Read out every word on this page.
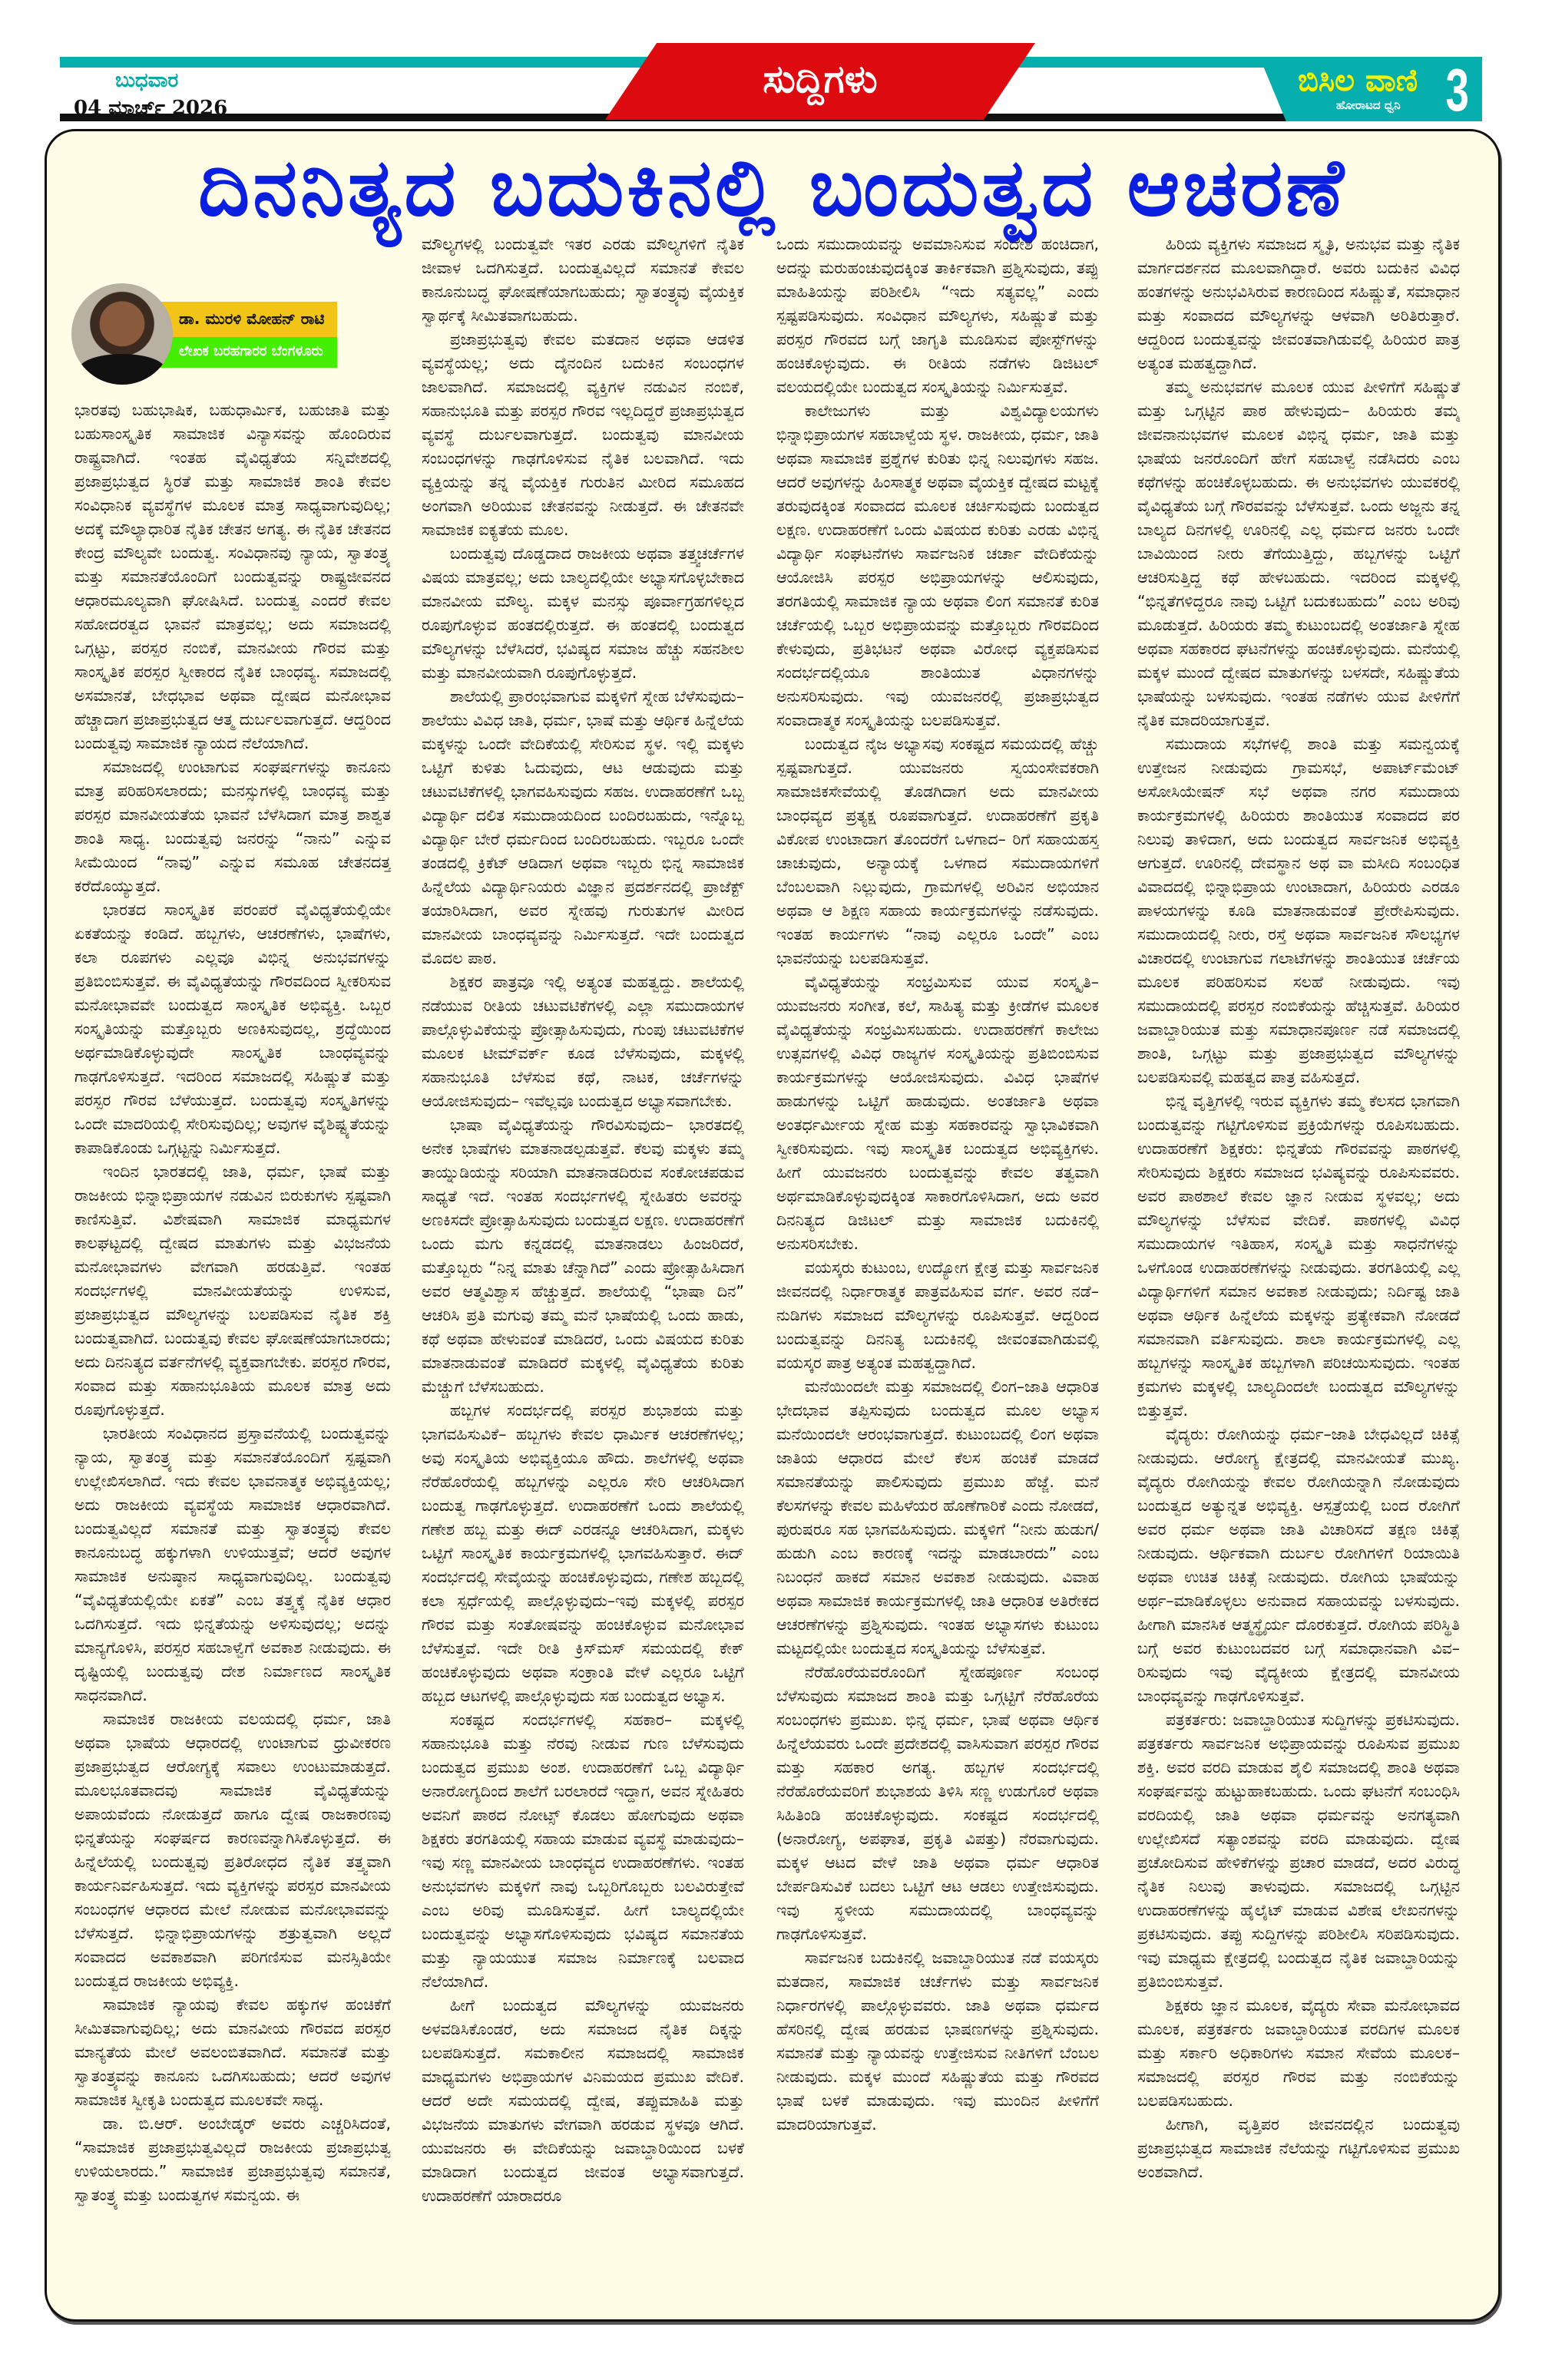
ಬುಧವಾರ
04 ಮಾರ್ಚ್ 2026
ಸುದ್ದಿಗಳು	ಬಿಸಿಲ ವಾಣಿ
ಹೋರಾಟದ ಧ್ವನಿ 3
ದಿನನಿತ್ಯದ ಬದುಕಿನಲ್ಲಿ ಬಂದುತ್ವದ ಆಚರಣೆ
ಡಾ. ಮುರಳಿ ಮೋಹನ್ ರಾಟಿ
ಲೇಖಕ ಬರಹಗಾರರ ಬೆಂಗಳೂರು

ಭಾರತವು ಬಹುಭಾಷಿಕ, ಬಹುಧಾರ್ಮಿಕ, ಬಹುಜಾತಿ ಮತ್ತು ಬಹುಸಾಂಸ್ಕೃತಿಕ ಸಾಮಾಜಿಕ ವಿನ್ಯಾಸವನ್ನು ಹೊಂದಿರುವ ರಾಷ್ಟ್ರವಾಗಿದೆ. ಇಂತಹ ವೈವಿಧ್ಯತೆಯ ಸನ್ನಿವೇಶದಲ್ಲಿ ಪ್ರಜಾಪ್ರಭುತ್ವದ ಸ್ಥಿರತೆ ಮತ್ತು ಸಾಮಾಜಿಕ ಶಾಂತಿ ಕೇವಲ ಸಂವಿಧಾನಿಕ ವ್ಯವಸ್ಥೆಗಳ ಮೂಲಕ ಮಾತ್ರ ಸಾಧ್ಯವಾಗುವುದಿಲ್ಲ; ಅದಕ್ಕೆ ಮೌಲ್ಯಾಧಾರಿತ ನೈತಿಕ ಚೇತನ ಅಗತ್ಯ. ಈ ನೈತಿಕ ಚೇತನದ ಕೇಂದ್ರ ಮೌಲ್ಯವೇ ಬಂದುತ್ವ. ಸಂವಿಧಾನವು ನ್ಯಾಯ, ಸ್ವಾತಂತ್ರ್ಯ ಮತ್ತು ಸಮಾನತೆಯೊಂದಿಗೆ ಬಂದುತ್ವವನ್ನು ರಾಷ್ಟ್ರಜೀವನದ ಆಧಾರಮೂಲ್ಯವಾಗಿ ಘೋಷಿಸಿದೆ. ಬಂದುತ್ವ ಎಂದರೆ ಕೇವಲ ಸಹೋದರತ್ವದ ಭಾವನೆ ಮಾತ್ರವಲ್ಲ; ಅದು ಸಮಾಜದಲ್ಲಿ ಒಗ್ಗಟ್ಟು, ಪರಸ್ಪರ ನಂಬಿಕೆ, ಮಾನವೀಯ ಗೌರವ ಮತ್ತು ಸಾಂಸ್ಕೃತಿಕ ಪರಸ್ಪರ ಸ್ವೀಕಾರದ ನೈತಿಕ ಬಾಂಧವ್ಯ. ಸಮಾಜದಲ್ಲಿ ಅಸಮಾನತೆ, ಬೇಧಭಾವ ಅಥವಾ ದ್ವೇಷದ ಮನೋಭಾವ ಹೆಚ್ಚಾದಾಗ ಪ್ರಜಾಪ್ರಭುತ್ವದ ಆತ್ಮ ದುರ್ಬಲವಾಗುತ್ತದೆ. ಆದ್ದರಿಂದ ಬಂದುತ್ವವು ಸಾಮಾಜಿಕ ನ್ಯಾಯದ ನೆಲೆಯಾಗಿದೆ.

ಸಮಾಜದಲ್ಲಿ ಉಂಟಾಗುವ ಸಂಘರ್ಷಗಳನ್ನು ಕಾನೂನು ಮಾತ್ರ ಪರಿಹರಿಸಲಾರದು; ಮನಸ್ಸುಗಳಲ್ಲಿ ಬಾಂಧವ್ಯ ಮತ್ತು ಪರಸ್ಪರ ಮಾನವೀಯತೆಯ ಭಾವನೆ ಬೆಳೆಸಿದಾಗ ಮಾತ್ರ ಶಾಶ್ವತ ಶಾಂತಿ ಸಾಧ್ಯ. ಬಂದುತ್ವವು ಜನರನ್ನು “ನಾನು” ಎನ್ನುವ ಸೀಮೆಯಿಂದ “ನಾವು” ಎನ್ನುವ ಸಮೂಹ ಚೇತನದತ್ತ ಕರೆದೊಯ್ಯುತ್ತದೆ.

ಭಾರತದ ಸಾಂಸ್ಕೃತಿಕ ಪರಂಪರೆ ವೈವಿಧ್ಯತೆಯಲ್ಲಿಯೇ ಏಕತೆಯನ್ನು ಕಂಡಿದೆ. ಹಬ್ಬಗಳು, ಆಚರಣೆಗಳು, ಭಾಷೆಗಳು, ಕಲಾ ರೂಪಗಳು ಎಲ್ಲವೂ ವಿಭಿನ್ನ ಅನುಭವಗಳನ್ನು ಪ್ರತಿಬಿಂಬಿಸುತ್ತವೆ. ಈ ವೈವಿಧ್ಯತೆಯನ್ನು ಗೌರವದಿಂದ ಸ್ವೀಕರಿಸುವ ಮನೋಭಾವವೇ ಬಂದುತ್ವದ ಸಾಂಸ್ಕೃತಿಕ ಅಭಿವ್ಯಕ್ತಿ. ಒಬ್ಬರ ಸಂಸ್ಕೃತಿಯನ್ನು ಮತ್ತೊಬ್ಬರು ಅಣಕಿಸುವುದಲ್ಲ, ಶ್ರದ್ಧೆಯಿಂದ ಅರ್ಥಮಾಡಿಕೊಳ್ಳುವುದೇ ಸಾಂಸ್ಕೃತಿಕ ಬಾಂಧವ್ಯವನ್ನು ಗಾಢಗೊಳಿಸುತ್ತದೆ. ಇದರಿಂದ ಸಮಾಜದಲ್ಲಿ ಸಹಿಷ್ಣುತೆ ಮತ್ತು ಪರಸ್ಪರ ಗೌರವ ಬೆಳೆಯುತ್ತದೆ. ಬಂದುತ್ವವು ಸಂಸ್ಕೃತಿಗಳನ್ನು ಒಂದೇ ಮಾದರಿಯಲ್ಲಿ ಸೇರಿಸುವುದಿಲ್ಲ; ಅವುಗಳ ವೈಶಿಷ್ಟ್ಯತೆಯನ್ನು ಕಾಪಾಡಿಕೊಂಡು ಒಗ್ಗಟ್ಟನ್ನು ನಿರ್ಮಿಸುತ್ತದೆ.

ಇಂದಿನ ಭಾರತದಲ್ಲಿ ಜಾತಿ, ಧರ್ಮ, ಭಾಷೆ ಮತ್ತು ರಾಜಕೀಯ ಭಿನ್ನಾಭಿಪ್ರಾಯಗಳ ನಡುವಿನ ಬಿರುಕುಗಳು ಸ್ಪಷ್ಟವಾಗಿ ಕಾಣಿಸುತ್ತಿವೆ. ವಿಶೇಷವಾಗಿ ಸಾಮಾಜಿಕ ಮಾಧ್ಯಮಗಳ ಕಾಲಘಟ್ಟದಲ್ಲಿ ದ್ವೇಷದ ಮಾತುಗಳು ಮತ್ತು ವಿಭಜನೆಯ ಮನೋಭಾವಗಳು ವೇಗವಾಗಿ ಹರಡುತ್ತಿವೆ. ಇಂತಹ ಸಂದರ್ಭಗಳಲ್ಲಿ ಮಾನವೀಯತೆಯನ್ನು ಉಳಿಸುವ, ಪ್ರಜಾಪ್ರಭುತ್ವದ ಮೌಲ್ಯಗಳನ್ನು ಬಲಪಡಿಸುವ ನೈತಿಕ ಶಕ್ತಿ ಬಂದುತ್ವವಾಗಿದೆ. ಬಂದುತ್ವವು ಕೇವಲ ಘೋಷಣೆಯಾಗಬಾರದು; ಅದು ದಿನನಿತ್ಯದ ವರ್ತನೆಗಳಲ್ಲಿ ವ್ಯಕ್ತವಾಗಬೇಕು. ಪರಸ್ಪರ ಗೌರವ, ಸಂವಾದ ಮತ್ತು ಸಹಾನುಭೂತಿಯ ಮೂಲಕ ಮಾತ್ರ ಅದು ರೂಪುಗೊಳ್ಳುತ್ತದೆ.

ಭಾರತೀಯ ಸಂವಿಧಾನದ ಪ್ರಸ್ತಾವನೆಯಲ್ಲಿ ಬಂದುತ್ವವನ್ನು ನ್ಯಾಯ, ಸ್ವಾತಂತ್ರ್ಯ ಮತ್ತು ಸಮಾನತೆಯೊಂದಿಗೆ ಸ್ಪಷ್ಟವಾಗಿ ಉಲ್ಲೇಖಿಸಲಾಗಿದೆ. ಇದು ಕೇವಲ ಭಾವನಾತ್ಮಕ ಅಭಿವ್ಯಕ್ತಿಯಲ್ಲ; ಅದು ರಾಜಕೀಯ ವ್ಯವಸ್ಥೆಯ ಸಾಮಾಜಿಕ ಆಧಾರವಾಗಿದೆ. ಬಂದುತ್ವವಿಲ್ಲದೆ ಸಮಾನತೆ ಮತ್ತು ಸ್ವಾತಂತ್ರ್ಯವು ಕೇವಲ ಕಾನೂನುಬದ್ಧ ಹಕ್ಕುಗಳಾಗಿ ಉಳಿಯುತ್ತವೆ; ಆದರೆ ಅವುಗಳ ಸಾಮಾಜಿಕ ಅನುಷ್ಠಾನ ಸಾಧ್ಯವಾಗುವುದಿಲ್ಲ. ಬಂದುತ್ವವು “ವೈವಿಧ್ಯತೆಯಲ್ಲಿಯೇ ಏಕತೆ” ಎಂಬ ತತ್ತ್ವಕ್ಕೆ ನೈತಿಕ ಆಧಾರ ಒದಗಿಸುತ್ತದೆ. ಇದು ಭಿನ್ನತೆಯನ್ನು ಅಳಿಸುವುದಲ್ಲ; ಅದನ್ನು ಮಾನ್ಯಗೊಳಿಸಿ, ಪರಸ್ಪರ ಸಹಬಾಳ್ವೆಗೆ ಅವಕಾಶ ನೀಡುವುದು. ಈ ದೃಷ್ಟಿಯಲ್ಲಿ ಬಂದುತ್ವವು ದೇಶ ನಿರ್ಮಾಣದ ಸಾಂಸ್ಕೃತಿಕ ಸಾಧನವಾಗಿದೆ.

ಸಾಮಾಜಿಕ ರಾಜಕೀಯ ವಲಯದಲ್ಲಿ ಧರ್ಮ, ಜಾತಿ ಅಥವಾ ಭಾಷೆಯ ಆಧಾರದಲ್ಲಿ ಉಂಟಾಗುವ ಧ್ರುವೀಕರಣ ಪ್ರಜಾಪ್ರಭುತ್ವದ ಆರೋಗ್ಯಕ್ಕೆ ಸವಾಲು ಉಂಟುಮಾಡುತ್ತದೆ. ಮೂಲಭೂತವಾದವು ಸಾಮಾಜಿಕ ವೈವಿಧ್ಯತೆಯನ್ನು ಅಪಾಯವೆಂದು ನೋಡುತ್ತದೆ ಹಾಗೂ ದ್ವೇಷ ರಾಜಕಾರಣವು ಭಿನ್ನತೆಯನ್ನು ಸಂಘರ್ಷದ ಕಾರಣವನ್ನಾಗಿಸಿಕೊಳ್ಳುತ್ತದೆ. ಈ ಹಿನ್ನೆಲೆಯಲ್ಲಿ ಬಂದುತ್ವವು ಪ್ರತಿರೋಧದ ನೈತಿಕ ತತ್ತ್ವವಾಗಿ ಕಾರ್ಯನಿರ್ವಹಿಸುತ್ತದೆ. ಇದು ವ್ಯಕ್ತಿಗಳನ್ನು ಪರಸ್ಪರ ಮಾನವೀಯ ಸಂಬಂಧಗಳ ಆಧಾರದ ಮೇಲೆ ನೋಡುವ ಮನೋಭಾವವನ್ನು ಬೆಳೆಸುತ್ತದೆ. ಭಿನ್ನಾಭಿಪ್ರಾಯಗಳನ್ನು ಶತ್ರುತ್ವವಾಗಿ ಅಲ್ಲದೆ ಸಂವಾದದ ಅವಕಾಶವಾಗಿ ಪರಿಗಣಿಸುವ ಮನಸ್ಸಿತಿಯೇ ಬಂದುತ್ವದ ರಾಜಕೀಯ ಅಭಿವ್ಯಕ್ತಿ.

ಸಾಮಾಜಿಕ ನ್ಯಾಯವು ಕೇವಲ ಹಕ್ಕುಗಳ ಹಂಚಿಕೆಗೆ ಸೀಮಿತವಾಗುವುದಿಲ್ಲ; ಅದು ಮಾನವೀಯ ಗೌರವದ ಪರಸ್ಪರ ಮಾನ್ಯತೆಯ ಮೇಲೆ ಅವಲಂಬಿತವಾಗಿದೆ. ಸಮಾನತೆ ಮತ್ತು ಸ್ವಾತಂತ್ರ್ಯವನ್ನು ಕಾನೂನು ಒದಗಿಸಬಹುದು; ಆದರೆ ಅವುಗಳ ಸಾಮಾಜಿಕ ಸ್ವೀಕೃತಿ ಬಂದುತ್ವದ ಮೂಲಕವೇ ಸಾಧ್ಯ.

ಡಾ. ಬಿ.ಆರ್. ಅಂಬೇಡ್ಕರ್ ಅವರು ಎಚ್ಚರಿಸಿದಂತೆ, “ಸಾಮಾಜಿಕ ಪ್ರಜಾಪ್ರಭುತ್ವವಿಲ್ಲದೆ ರಾಜಕೀಯ ಪ್ರಜಾಪ್ರಭುತ್ವ ಉಳಿಯಲಾರದು.” ಸಾಮಾಜಿಕ ಪ್ರಜಾಪ್ರಭುತ್ವವು ಸಮಾನತೆ, ಸ್ವಾತಂತ್ರ್ಯ ಮತ್ತು ಬಂದುತ್ವಗಳ ಸಮನ್ವಯ. ಈ

ಮೌಲ್ಯಗಳಲ್ಲಿ ಬಂದುತ್ವವೇ ಇತರ ಎರಡು ಮೌಲ್ಯಗಳಿಗೆ ನೈತಿಕ ಜೀವಾಳ ಒದಗಿಸುತ್ತದೆ. ಬಂದುತ್ವವಿಲ್ಲದೆ ಸಮಾನತೆ ಕೇವಲ ಕಾನೂನುಬದ್ಧ ಘೋಷಣೆಯಾಗಬಹುದು; ಸ್ವಾತಂತ್ರ್ಯವು ವೈಯಕ್ತಿಕ ಸ್ವಾರ್ಥಕ್ಕೆ ಸೀಮಿತವಾಗಬಹುದು.

ಪ್ರಜಾಪ್ರಭುತ್ವವು ಕೇವಲ ಮತದಾನ ಅಥವಾ ಆಡಳಿತ ವ್ಯವಸ್ಥೆಯಲ್ಲ; ಅದು ದೈನಂದಿನ ಬದುಕಿನ ಸಂಬಂಧಗಳ ಜಾಲವಾಗಿದೆ. ಸಮಾಜದಲ್ಲಿ ವ್ಯಕ್ತಿಗಳ ನಡುವಿನ ನಂಬಿಕೆ, ಸಹಾನುಭೂತಿ ಮತ್ತು ಪರಸ್ಪರ ಗೌರವ ಇಲ್ಲದಿದ್ದರೆ ಪ್ರಜಾಪ್ರಭುತ್ವದ ವ್ಯವಸ್ಥೆ ದುರ್ಬಲವಾಗುತ್ತದೆ. ಬಂದುತ್ವವು ಮಾನವೀಯ ಸಂಬಂಧಗಳನ್ನು ಗಾಢಗೊಳಿಸುವ ನೈತಿಕ ಬಲವಾಗಿದೆ. ಇದು ವ್ಯಕ್ತಿಯನ್ನು ತನ್ನ ವೈಯಕ್ತಿಕ ಗುರುತಿನ ಮೀರಿದ ಸಮೂಹದ ಅಂಗವಾಗಿ ಅರಿಯುವ ಚೇತನವನ್ನು ನೀಡುತ್ತದೆ. ಈ ಚೇತನವೇ ಸಾಮಾಜಿಕ ಐಕ್ಯತೆಯ ಮೂಲ.

ಬಂದುತ್ವವು ದೊಡ್ಡದಾದ ರಾಜಕೀಯ ಅಥವಾ ತತ್ತ್ವಚರ್ಚೆಗಳ ವಿಷಯ ಮಾತ್ರವಲ್ಲ; ಅದು ಬಾಲ್ಯದಲ್ಲಿಯೇ ಅಭ್ಯಾಸಗೊಳ್ಳಬೇಕಾದ ಮಾನವೀಯ ಮೌಲ್ಯ. ಮಕ್ಕಳ ಮನಸ್ಸು ಪೂರ್ವಾಗ್ರಹಗಳಿಲ್ಲದ ರೂಪುಗೊಳ್ಳುವ ಹಂತದಲ್ಲಿರುತ್ತದೆ. ಈ ಹಂತದಲ್ಲಿ ಬಂದುತ್ವದ ಮೌಲ್ಯಗಳನ್ನು ಬೆಳೆಸಿದರೆ, ಭವಿಷ್ಯದ ಸಮಾಜ ಹೆಚ್ಚು ಸಹನಶೀಲ ಮತ್ತು ಮಾನವೀಯವಾಗಿ ರೂಪುಗೊಳ್ಳುತ್ತದೆ.

ಶಾಲೆಯಲ್ಲಿ ಪ್ರಾರಂಭವಾಗುವ ಮಕ್ಕಳಿಗೆ ಸ್ನೇಹ ಬೆಳೆಸುವುದು– ಶಾಲೆಯು ವಿವಿಧ ಜಾತಿ, ಧರ್ಮ, ಭಾಷೆ ಮತ್ತು ಆರ್ಥಿಕ ಹಿನ್ನೆಲೆಯ ಮಕ್ಕಳನ್ನು ಒಂದೇ ವೇದಿಕೆಯಲ್ಲಿ ಸೇರಿಸುವ ಸ್ಥಳ. ಇಲ್ಲಿ ಮಕ್ಕಳು ಒಟ್ಟಿಗೆ ಕುಳಿತು ಓದುವುದು, ಆಟ ಆಡುವುದು ಮತ್ತು ಚಟುವಟಿಕೆಗಳಲ್ಲಿ ಭಾಗವಹಿಸುವುದು ಸಹಜ. ಉದಾಹರಣೆಗೆ ಒಬ್ಬ ವಿದ್ಯಾರ್ಥಿ ದಲಿತ ಸಮುದಾಯದಿಂದ ಬಂದಿರಬಹುದು, ಇನ್ನೊಬ್ಬ ವಿದ್ಯಾರ್ಥಿ ಬೇರೆ ಧರ್ಮದಿಂದ ಬಂದಿರಬಹುದು. ಇಬ್ಬರೂ ಒಂದೇ ತಂಡದಲ್ಲಿ ಕ್ರಿಕೆಟ್ ಆಡಿದಾಗ ಅಥವಾ ಇಬ್ಬರು ಭಿನ್ನ ಸಾಮಾಜಿಕ ಹಿನ್ನೆಲೆಯ ವಿದ್ಯಾರ್ಥಿನಿಯರು ವಿಜ್ಞಾನ ಪ್ರದರ್ಶನದಲ್ಲಿ ಪ್ರಾಜೆಕ್ಟ್ ತಯಾರಿಸಿದಾಗ, ಅವರ ಸ್ನೇಹವು ಗುರುತುಗಳ ಮೀರಿದ ಮಾನವೀಯ ಬಾಂಧವ್ಯವನ್ನು ನಿರ್ಮಿಸುತ್ತದೆ. ಇದೇ ಬಂದುತ್ವದ ಮೊದಲ ಪಾಠ.

ಶಿಕ್ಷಕರ ಪಾತ್ರವೂ ಇಲ್ಲಿ ಅತ್ಯಂತ ಮಹತ್ವದ್ದು. ಶಾಲೆಯಲ್ಲಿ ನಡೆಯುವ ರೀತಿಯ ಚಟುವಟಿಕೆಗಳಲ್ಲಿ ಎಲ್ಲಾ ಸಮುದಾಯಗಳ ಪಾಲ್ಗೊಳ್ಳುವಿಕೆಯನ್ನು ಪ್ರೋತ್ಸಾಹಿಸುವುದು, ಗುಂಪು ಚಟುವಟಿಕೆಗಳ ಮೂಲಕ ಟೀಮ್‌ವರ್ಕ್ ಕೂಡ ಬೆಳೆಸುವುದು, ಮಕ್ಕಳಲ್ಲಿ ಸಹಾನುಭೂತಿ ಬೆಳೆಸುವ ಕಥೆ, ನಾಟಕ, ಚರ್ಚೆಗಳನ್ನು ಆಯೋಜಿಸುವುದು– ಇವೆಲ್ಲವೂ ಬಂದುತ್ವದ ಅಭ್ಯಾಸವಾಗಬೇಕು.

ಭಾಷಾ ವೈವಿಧ್ಯತೆಯನ್ನು ಗೌರವಿಸುವುದು– ಭಾರತದಲ್ಲಿ ಅನೇಕ ಭಾಷೆಗಳು ಮಾತನಾಡಲ್ಪಡುತ್ತವೆ. ಕೆಲವು ಮಕ್ಕಳು ತಮ್ಮ ತಾಯ್ನುಡಿಯನ್ನು ಸರಿಯಾಗಿ ಮಾತನಾಡದಿರುವ ಸಂಕೋಚಪಡುವ ಸಾಧ್ಯತೆ ಇದೆ. ಇಂತಹ ಸಂದರ್ಭಗಳಲ್ಲಿ ಸ್ನೇಹಿತರು ಅವರನ್ನು ಅಣಕಿಸದೇ ಪ್ರೋತ್ಸಾಹಿಸುವುದು ಬಂದುತ್ವದ ಲಕ್ಷಣ. ಉದಾಹರಣೆಗೆ ಒಂದು ಮಗು ಕನ್ನಡದಲ್ಲಿ ಮಾತನಾಡಲು ಹಿಂಜರಿದರೆ, ಮತ್ತೊಬ್ಬರು “ನಿನ್ನ ಮಾತು ಚೆನ್ನಾಗಿದೆ” ಎಂದು ಪ್ರೋತ್ಸಾಹಿಸಿದಾಗ ಅವರ ಆತ್ಮವಿಶ್ವಾಸ ಹೆಚ್ಚುತ್ತದೆ. ಶಾಲೆಯಲ್ಲಿ “ಭಾಷಾ ದಿನ” ಆಚರಿಸಿ ಪ್ರತಿ ಮಗುವು ತಮ್ಮ ಮನೆ ಭಾಷೆಯಲ್ಲಿ ಒಂದು ಹಾಡು, ಕಥೆ ಅಥವಾ ಹೇಳುವಂತೆ ಮಾಡಿದರೆ, ಒಂದು ವಿಷಯದ ಕುರಿತು ಮಾತನಾಡುವಂತೆ ಮಾಡಿದರೆ ಮಕ್ಕಳಲ್ಲಿ ವೈವಿಧ್ಯತೆಯ ಕುರಿತು ಮೆಚ್ಚುಗೆ ಬೆಳೆಸಬಹುದು.

ಹಬ್ಬಗಳ ಸಂದರ್ಭದಲ್ಲಿ ಪರಸ್ಪರ ಶುಭಾಶಯ ಮತ್ತು ಭಾಗವಹಿಸುವಿಕೆ– ಹಬ್ಬಗಳು ಕೇವಲ ಧಾರ್ಮಿಕ ಆಚರಣೆಗಳಲ್ಲ; ಅವು ಸಂಸ್ಕೃತಿಯ ಅಭಿವ್ಯಕ್ತಿಯೂ ಹೌದು. ಶಾಲೆಗಳಲ್ಲಿ ಅಥವಾ ನೆರೆಹೊರೆಯಲ್ಲಿ ಹಬ್ಬಗಳನ್ನು ಎಲ್ಲರೂ ಸೇರಿ ಆಚರಿಸಿದಾಗ ಬಂದುತ್ವ ಗಾಢಗೊಳ್ಳುತ್ತದೆ. ಉದಾಹರಣೆಗೆ ಒಂದು ಶಾಲೆಯಲ್ಲಿ ಗಣೇಶ ಹಬ್ಬ ಮತ್ತು ಈದ್ ಎರಡನ್ನೂ ಆಚರಿಸಿದಾಗ, ಮಕ್ಕಳು ಒಟ್ಟಿಗೆ ಸಾಂಸ್ಕೃತಿಕ ಕಾರ್ಯಕ್ರಮಗಳಲ್ಲಿ ಭಾಗವಹಿಸುತ್ತಾರೆ. ಈದ್ ಸಂದರ್ಭದಲ್ಲಿ ಸೇವೈಯನ್ನು ಹಂಚಿಕೊಳ್ಳುವುದು, ಗಣೇಶ ಹಬ್ಬದಲ್ಲಿ ಕಲಾ ಸ್ಪರ್ಧೆಯಲ್ಲಿ ಪಾಲ್ಗೊಳ್ಳುವುದು–ಇವು ಮಕ್ಕಳಲ್ಲಿ ಪರಸ್ಪರ ಗೌರವ ಮತ್ತು ಸಂತೋಷವನ್ನು ಹಂಚಿಕೊಳ್ಳುವ ಮನೋಭಾವ ಬೆಳೆಸುತ್ತವೆ. ಇದೇ ರೀತಿ ಕ್ರಿಸ್‌ಮಸ್ ಸಮಯದಲ್ಲಿ ಕೇಕ್ ಹಂಚಿಕೊಳ್ಳುವುದು ಅಥವಾ ಸಂಕ್ರಾಂತಿ ವೇಳೆ ಎಲ್ಲರೂ ಒಟ್ಟಿಗೆ ಹಬ್ಬದ ಆಟಗಳಲ್ಲಿ ಪಾಲ್ಗೊಳ್ಳುವುದು ಸಹ ಬಂದುತ್ವದ ಅಭ್ಯಾಸ.

ಸಂಕಷ್ಟದ ಸಂದರ್ಭಗಳಲ್ಲಿ ಸಹಕಾರ– ಮಕ್ಕಳಲ್ಲಿ ಸಹಾನುಭೂತಿ ಮತ್ತು ನೆರವು ನೀಡುವ ಗುಣ ಬೆಳೆಸುವುದು ಬಂದುತ್ವದ ಪ್ರಮುಖ ಅಂಶ. ಉದಾಹರಣೆಗೆ ಒಬ್ಬ ವಿದ್ಯಾರ್ಥಿ ಅನಾರೋಗ್ಯದಿಂದ ಶಾಲೆಗೆ ಬರಲಾರದೆ ಇದ್ದಾಗ, ಅವನ ಸ್ನೇಹಿತರು ಅವನಿಗೆ ಪಾಠದ ನೋಟ್ಸ್ ಕೊಡಲು ಹೋಗುವುದು ಅಥವಾ ಶಿಕ್ಷಕರು ತರಗತಿಯಲ್ಲಿ ಸಹಾಯ ಮಾಡುವ ವ್ಯವಸ್ಥೆ ಮಾಡುವುದು–ಇವು ಸಣ್ಣ ಮಾನವೀಯ ಬಾಂಧವ್ಯದ ಉದಾಹರಣೆಗಳು. ಇಂತಹ ಅನುಭವಗಳು ಮಕ್ಕಳಿಗೆ ನಾವು ಒಬ್ಬರಿಗೊಬ್ಬರು ಬಲವಿರುತ್ತೇವೆ ಎಂಬ ಅರಿವು ಮೂಡಿಸುತ್ತವೆ. ಹೀಗೆ ಬಾಲ್ಯದಲ್ಲಿಯೇ ಬಂದುತ್ವವನ್ನು ಅಭ್ಯಾಸಗೊಳಿಸುವುದು ಭವಿಷ್ಯದ ಸಮಾನತೆಯ ಮತ್ತು ನ್ಯಾಯಯುತ ಸಮಾಜ ನಿರ್ಮಾಣಕ್ಕೆ ಬಲವಾದ ನೆಲೆಯಾಗಿದೆ.

ಹೀಗೆ ಬಂದುತ್ವದ ಮೌಲ್ಯಗಳನ್ನು ಯುವಜನರು ಅಳವಡಿಸಿಕೊಂಡರೆ, ಅದು ಸಮಾಜದ ನೈತಿಕ ದಿಕ್ಕನ್ನು ಬಲಪಡಿಸುತ್ತದೆ. ಸಮಕಾಲೀನ ಸಮಾಜದಲ್ಲಿ ಸಾಮಾಜಿಕ ಮಾಧ್ಯಮಗಳು ಅಭಿಪ್ರಾಯಗಳ ವಿನಿಮಯದ ಪ್ರಮುಖ ವೇದಿಕೆ. ಆದರೆ ಅದೇ ಸಮಯದಲ್ಲಿ ದ್ವೇಷ, ತಪ್ಪುಮಾಹಿತಿ ಮತ್ತು ವಿಭಜನೆಯ ಮಾತುಗಳು ವೇಗವಾಗಿ ಹರಡುವ ಸ್ಥಳವೂ ಆಗಿದೆ. ಯುವಜನರು ಈ ವೇದಿಕೆಯನ್ನು ಜವಾಬ್ದಾರಿಯಿಂದ ಬಳಕೆ ಮಾಡಿದಾಗ ಬಂದುತ್ವದ ಜೀವಂತ ಅಭ್ಯಾಸವಾಗುತ್ತದೆ. ಉದಾಹರಣೆಗೆ ಯಾರಾದರೂ

ಒಂದು ಸಮುದಾಯವನ್ನು ಅವಮಾನಿಸುವ ಸಂದೇಶ ಹಂಚಿದಾಗ, ಅದನ್ನು ಮರುಹಂಚುವುದಕ್ಕಿಂತ ತಾರ್ಕಿಕವಾಗಿ ಪ್ರಶ್ನಿಸುವುದು, ತಪ್ಪು ಮಾಹಿತಿಯನ್ನು ಪರಿಶೀಲಿಸಿ “ಇದು ಸತ್ಯವಲ್ಲ” ಎಂದು ಸ್ಪಷ್ಟಪಡಿಸುವುದು. ಸಂವಿಧಾನ ಮೌಲ್ಯಗಳು, ಸಹಿಷ್ಣುತೆ ಮತ್ತು ಪರಸ್ಪರ ಗೌರವದ ಬಗ್ಗೆ ಜಾಗೃತಿ ಮೂಡಿಸುವ ಪೋಸ್ಟ್‌ಗಳನ್ನು ಹಂಚಿಕೊಳ್ಳುವುದು. ಈ ರೀತಿಯ ನಡೆಗಳು ಡಿಜಿಟಲ್ ವಲಯದಲ್ಲಿಯೇ ಬಂದುತ್ವದ ಸಂಸ್ಕೃತಿಯನ್ನು ನಿರ್ಮಿಸುತ್ತವೆ.

ಕಾಲೇಜುಗಳು ಮತ್ತು ವಿಶ್ವವಿದ್ಯಾಲಯಗಳು ಭಿನ್ನಾಭಿಪ್ರಾಯಗಳ ಸಹಬಾಳ್ವೆಯ ಸ್ಥಳ. ರಾಜಕೀಯ, ಧರ್ಮ, ಜಾತಿ ಅಥವಾ ಸಾಮಾಜಿಕ ಪ್ರಶ್ನೆಗಳ ಕುರಿತು ಭಿನ್ನ ನಿಲುವುಗಳು ಸಹಜ. ಆದರೆ ಅವುಗಳನ್ನು ಹಿಂಸಾತ್ಮಕ ಅಥವಾ ವೈಯಕ್ತಿಕ ದ್ವೇಷದ ಮಟ್ಟಕ್ಕೆ ತರುವುದಕ್ಕಿಂತ ಸಂವಾದದ ಮೂಲಕ ಚರ್ಚಿಸುವುದು ಬಂದುತ್ವದ ಲಕ್ಷಣ. ಉದಾಹರಣೆಗೆ ಒಂದು ವಿಷಯದ ಕುರಿತು ಎರಡು ವಿಭಿನ್ನ ವಿದ್ಯಾರ್ಥಿ ಸಂಘಟನೆಗಳು ಸಾರ್ವಜನಿಕ ಚರ್ಚಾ ವೇದಿಕೆಯನ್ನು ಆಯೋಜಿಸಿ ಪರಸ್ಪರ ಅಭಿಪ್ರಾಯಗಳನ್ನು ಆಲಿಸುವುದು, ತರಗತಿಯಲ್ಲಿ ಸಾಮಾಜಿಕ ನ್ಯಾಯ ಅಥವಾ ಲಿಂಗ ಸಮಾನತೆ ಕುರಿತ ಚರ್ಚೆಯಲ್ಲಿ ಒಬ್ಬರ ಅಭಿಪ್ರಾಯವನ್ನು ಮತ್ತೊಬ್ಬರು ಗೌರವದಿಂದ ಕೇಳುವುದು, ಪ್ರತಿಭಟನೆ ಅಥವಾ ವಿರೋಧ ವ್ಯಕ್ತಪಡಿಸುವ ಸಂದರ್ಭದಲ್ಲಿಯೂ ಶಾಂತಿಯುತ ವಿಧಾನಗಳನ್ನು ಅನುಸರಿಸುವುದು. ಇವು ಯುವಜನರಲ್ಲಿ ಪ್ರಜಾಪ್ರಭುತ್ವದ ಸಂವಾದಾತ್ಮಕ ಸಂಸ್ಕೃತಿಯನ್ನು ಬಲಪಡಿಸುತ್ತವೆ.

ಬಂದುತ್ವದ ನೈಜ ಅಭ್ಯಾಸವು ಸಂಕಷ್ಟದ ಸಮಯದಲ್ಲಿ ಹೆಚ್ಚು ಸ್ಪಷ್ಟವಾಗುತ್ತದೆ. ಯುವಜನರು ಸ್ವಯಂಸೇವಕರಾಗಿ ಸಾಮಾಜಿಕಸೇವೆಯಲ್ಲಿ ತೊಡಗಿದಾಗ ಅದು ಮಾನವೀಯ ಬಾಂಧವ್ಯದ ಪ್ರತ್ಯಕ್ಷ ರೂಪವಾಗುತ್ತದೆ. ಉದಾಹರಣೆಗೆ ಪ್ರಕೃತಿ ವಿಕೋಪ ಉಂಟಾದಾಗ ತೊಂದರೆಗೆ ಒಳಗಾದ– ರಿಗೆ ಸಹಾಯಹಸ್ತ ಚಾಚುವುದು, ಅನ್ಯಾಯಕ್ಕೆ ಒಳಗಾದ ಸಮುದಾಯಗಳಿಗೆ ಬೆಂಬಲವಾಗಿ ನಿಲ್ಲುವುದು, ಗ್ರಾಮಗಳಲ್ಲಿ ಅರಿವಿನ ಅಭಿಯಾನ ಅಥವಾ ಆ ಶಿಕ್ಷಣ ಸಹಾಯ ಕಾರ್ಯಕ್ರಮಗಳನ್ನು ನಡೆಸುವುದು. ಇಂತಹ ಕಾರ್ಯಗಳು “ನಾವು ಎಲ್ಲರೂ ಒಂದೇ” ಎಂಬ ಭಾವನೆಯನ್ನು ಬಲಪಡಿಸುತ್ತವೆ.

ವೈವಿಧ್ಯತೆಯನ್ನು ಸಂಭ್ರಮಿಸುವ ಯುವ ಸಂಸ್ಕೃತಿ– ಯುವಜನರು ಸಂಗೀತ, ಕಲೆ, ಸಾಹಿತ್ಯ ಮತ್ತು ಕ್ರೀಡೆಗಳ ಮೂಲಕ ವೈವಿಧ್ಯತೆಯನ್ನು ಸಂಭ್ರಮಿಸಬಹುದು. ಉದಾಹರಣೆಗೆ ಕಾಲೇಜು ಉತ್ಸವಗಳಲ್ಲಿ ವಿವಿಧ ರಾಜ್ಯಗಳ ಸಂಸ್ಕೃತಿಯನ್ನು ಪ್ರತಿಬಿಂಬಿಸುವ ಕಾರ್ಯಕ್ರಮಗಳನ್ನು ಆಯೋಜಿಸುವುದು. ವಿವಿಧ ಭಾಷೆಗಳ ಹಾಡುಗಳನ್ನು ಒಟ್ಟಿಗೆ ಹಾಡುವುದು. ಅಂತರ್ಜಾತಿ ಅಥವಾ ಅಂತರ್ಧರ್ಮೀಯ ಸ್ನೇಹ ಮತ್ತು ಸಹಕಾರವನ್ನು ಸ್ವಾಭಾವಿಕವಾಗಿ ಸ್ವೀಕರಿಸುವುದು. ಇವು ಸಾಂಸ್ಕೃತಿಕ ಬಂದುತ್ವದ ಅಭಿವ್ಯಕ್ತಿಗಳು. ಹೀಗೆ ಯುವಜನರು ಬಂದುತ್ವವನ್ನು ಕೇವಲ ತತ್ವವಾಗಿ ಅರ್ಥಮಾಡಿಕೊಳ್ಳುವುದಕ್ಕಿಂತ ಸಾಕಾರಗೊಳಿಸಿದಾಗ, ಅದು ಅವರ ದಿನನಿತ್ಯದ ಡಿಜಿಟಲ್ ಮತ್ತು ಸಾಮಾಜಿಕ ಬದುಕಿನಲ್ಲಿ ಅನುಸರಿಸಬೇಕು.

ವಯಸ್ಕರು ಕುಟುಂಬ, ಉದ್ಯೋಗ ಕ್ಷೇತ್ರ ಮತ್ತು ಸಾರ್ವಜನಿಕ ಜೀವನದಲ್ಲಿ ನಿರ್ಧಾರಾತ್ಮಕ ಪಾತ್ರವಹಿಸುವ ವರ್ಗ. ಅವರ ನಡೆ–ನುಡಿಗಳು ಸಮಾಜದ ಮೌಲ್ಯಗಳನ್ನು ರೂಪಿಸುತ್ತವೆ. ಆದ್ದರಿಂದ ಬಂದುತ್ವವನ್ನು ದಿನನಿತ್ಯ ಬದುಕಿನಲ್ಲಿ ಜೀವಂತವಾಗಿಡುವಲ್ಲಿ ವಯಸ್ಕರ ಪಾತ್ರ ಅತ್ಯಂತ ಮಹತ್ವದ್ದಾಗಿದೆ.

ಮನೆಯಿಂದಲೇ ಮತ್ತು ಸಮಾಜದಲ್ಲಿ ಲಿಂಗ–ಜಾತಿ ಆಧಾರಿತ ಭೇದಭಾವ ತಪ್ಪಿಸುವುದು ಬಂದುತ್ವದ ಮೂಲ ಅಭ್ಯಾಸ ಮನೆಯಿಂದಲೇ ಆರಂಭವಾಗುತ್ತದೆ. ಕುಟುಂಬದಲ್ಲಿ ಲಿಂಗ ಅಥವಾ ಜಾತಿಯ ಆಧಾರದ ಮೇಲೆ ಕೆಲಸ ಹಂಚಿಕೆ ಮಾಡದೆ ಸಮಾನತೆಯನ್ನು ಪಾಲಿಸುವುದು ಪ್ರಮುಖ ಹೆಜ್ಜೆ. ಮನೆ ಕೆಲಸಗಳನ್ನು ಕೇವಲ ಮಹಿಳೆಯರ ಹೊಣೆಗಾರಿಕೆ ಎಂದು ನೋಡದೆ, ಪುರುಷರೂ ಸಹ ಭಾಗವಹಿಸುವುದು. ಮಕ್ಕಳಿಗೆ “ನೀನು ಹುಡುಗ/ಹುಡುಗಿ ಎಂಬ ಕಾರಣಕ್ಕೆ ಇದನ್ನು ಮಾಡಬಾರದು” ಎಂಬ ನಿಬಂಧನೆ ಹಾಕದೆ ಸಮಾನ ಅವಕಾಶ ನೀಡುವುದು. ವಿವಾಹ ಅಥವಾ ಸಾಮಾಜಿಕ ಕಾರ್ಯಕ್ರಮಗಳಲ್ಲಿ ಜಾತಿ ಆಧಾರಿತ ಅತಿರೇಕದ ಆಚರಣೆಗಳನ್ನು ಪ್ರಶ್ನಿಸುವುದು. ಇಂತಹ ಅಭ್ಯಾಸಗಳು ಕುಟುಂಬ ಮಟ್ಟದಲ್ಲಿಯೇ ಬಂದುತ್ವದ ಸಂಸ್ಕೃತಿಯನ್ನು ಬೆಳೆಸುತ್ತವೆ.

ನೆರೆಹೊರೆಯವರೊಂದಿಗೆ ಸ್ನೇಹಪೂರ್ಣ ಸಂಬಂಧ ಬೆಳೆಸುವುದು ಸಮಾಜದ ಶಾಂತಿ ಮತ್ತು ಒಗ್ಗಟ್ಟಿಗೆ ನೆರೆಹೊರೆಯ ಸಂಬಂಧಗಳು ಪ್ರಮುಖ. ಭಿನ್ನ ಧರ್ಮ, ಭಾಷೆ ಅಥವಾ ಆರ್ಥಿಕ ಹಿನ್ನೆಲೆಯವರು ಒಂದೇ ಪ್ರದೇಶದಲ್ಲಿ ವಾಸಿಸುವಾಗ ಪರಸ್ಪರ ಗೌರವ ಮತ್ತು ಸಹಕಾರ ಅಗತ್ಯ. ಹಬ್ಬಗಳ ಸಂದರ್ಭದಲ್ಲಿ ನೆರೆಹೊರೆಯವರಿಗೆ ಶುಭಾಶಯ ತಿಳಿಸಿ ಸಣ್ಣ ಉಡುಗೊರೆ ಅಥವಾ ಸಿಹಿತಿಂಡಿ ಹಂಚಿಕೊಳ್ಳುವುದು. ಸಂಕಷ್ಟದ ಸಂದರ್ಭದಲ್ಲಿ (ಅನಾರೋಗ್ಯ, ಅಪಘಾತ, ಪ್ರಕೃತಿ ವಿಪತ್ತು) ನೆರವಾಗುವುದು. ಮಕ್ಕಳ ಆಟದ ವೇಳೆ ಜಾತಿ ಅಥವಾ ಧರ್ಮ ಆಧಾರಿತ ಬೇರ್ಪಡಿಸುವಿಕೆ ಬದಲು ಒಟ್ಟಿಗೆ ಆಟ ಆಡಲು ಉತ್ತೇಜಿಸುವುದು. ಇವು ಸ್ಥಳೀಯ ಸಮುದಾಯದಲ್ಲಿ ಬಾಂಧವ್ಯವನ್ನು ಗಾಢಗೊಳಿಸುತ್ತವೆ.

ಸಾರ್ವಜನಿಕ ಬದುಕಿನಲ್ಲಿ ಜವಾಬ್ದಾರಿಯುತ ನಡೆ ವಯಸ್ಕರು ಮತದಾನ, ಸಾಮಾಜಿಕ ಚರ್ಚೆಗಳು ಮತ್ತು ಸಾರ್ವಜನಿಕ ನಿರ್ಧಾರಗಳಲ್ಲಿ ಪಾಲ್ಗೊಳ್ಳುವವರು. ಜಾತಿ ಅಥವಾ ಧರ್ಮದ ಹೆಸರಿನಲ್ಲಿ ದ್ವೇಷ ಹರಡುವ ಭಾಷಣಗಳನ್ನು ಪ್ರಶ್ನಿಸುವುದು. ಸಮಾನತೆ ಮತ್ತು ನ್ಯಾಯವನ್ನು ಉತ್ತೇಜಿಸುವ ನೀತಿಗಳಿಗೆ ಬೆಂಬಲ ನೀಡುವುದು. ಮಕ್ಕಳ ಮುಂದೆ ಸಹಿಷ್ಣುತೆಯ ಮತ್ತು ಗೌರವದ ಭಾಷೆ ಬಳಕೆ ಮಾಡುವುದು. ಇವು ಮುಂದಿನ ಪೀಳಿಗೆಗೆ ಮಾದರಿಯಾಗುತ್ತವೆ.

ಹಿರಿಯ ವ್ಯಕ್ತಿಗಳು ಸಮಾಜದ ಸ್ಮೃತಿ, ಅನುಭವ ಮತ್ತು ನೈತಿಕ ಮಾರ್ಗದರ್ಶನದ ಮೂಲವಾಗಿದ್ದಾರೆ. ಅವರು ಬದುಕಿನ ವಿವಿಧ ಹಂತಗಳನ್ನು ಅನುಭವಿಸಿರುವ ಕಾರಣದಿಂದ ಸಹಿಷ್ಣುತೆ, ಸಮಾಧಾನ ಮತ್ತು ಸಂವಾದದ ಮೌಲ್ಯಗಳನ್ನು ಆಳವಾಗಿ ಅರಿತಿರುತ್ತಾರೆ. ಆದ್ದರಿಂದ ಬಂದುತ್ವವನ್ನು ಜೀವಂತವಾಗಿಡುವಲ್ಲಿ ಹಿರಿಯರ ಪಾತ್ರ ಅತ್ಯಂತ ಮಹತ್ವದ್ದಾಗಿದೆ.

ತಮ್ಮ ಅನುಭವಗಳ ಮೂಲಕ ಯುವ ಪೀಳಿಗೆಗೆ ಸಹಿಷ್ಣುತೆ ಮತ್ತು ಒಗ್ಗಟ್ಟಿನ ಪಾಠ ಹೇಳುವುದು– ಹಿರಿಯರು ತಮ್ಮ ಜೀವನಾನುಭವಗಳ ಮೂಲಕ ವಿಭಿನ್ನ ಧರ್ಮ, ಜಾತಿ ಮತ್ತು ಭಾಷೆಯ ಜನರೊಂದಿಗೆ ಹೇಗೆ ಸಹಬಾಳ್ವೆ ನಡೆಸಿದರು ಎಂಬ ಕಥೆಗಳನ್ನು ಹಂಚಿಕೊಳ್ಳಬಹುದು. ಈ ಅನುಭವಗಳು ಯುವಕರಲ್ಲಿ ವೈವಿಧ್ಯತೆಯ ಬಗ್ಗೆ ಗೌರವವನ್ನು ಬೆಳೆಸುತ್ತವೆ. ಒಂದು ಅಜ್ಜನು ತನ್ನ ಬಾಲ್ಯದ ದಿನಗಳಲ್ಲಿ ಊರಿನಲ್ಲಿ ಎಲ್ಲ ಧರ್ಮದ ಜನರು ಒಂದೇ ಬಾವಿಯಿಂದ ನೀರು ತೆಗೆಯುತ್ತಿದ್ದು, ಹಬ್ಬಗಳನ್ನು ಒಟ್ಟಿಗೆ ಆಚರಿಸುತ್ತಿದ್ದ ಕಥೆ ಹೇಳಬಹುದು. ಇದರಿಂದ ಮಕ್ಕಳಲ್ಲಿ “ಭಿನ್ನತೆಗಳಿದ್ದರೂ ನಾವು ಒಟ್ಟಿಗೆ ಬದುಕಬಹುದು” ಎಂಬ ಅರಿವು ಮೂಡುತ್ತದೆ. ಹಿರಿಯರು ತಮ್ಮ ಕುಟುಂಬದಲ್ಲಿ ಅಂತರ್ಜಾತಿ ಸ್ನೇಹ ಅಥವಾ ಸಹಕಾರದ ಘಟನೆಗಳನ್ನು ಹಂಚಿಕೊಳ್ಳುವುದು. ಮನೆಯಲ್ಲಿ ಮಕ್ಕಳ ಮುಂದೆ ದ್ವೇಷದ ಮಾತುಗಳನ್ನು ಬಳಸದೇ, ಸಹಿಷ್ಣುತೆಯ ಭಾಷೆಯನ್ನು ಬಳಸುವುದು. ಇಂತಹ ನಡೆಗಳು ಯುವ ಪೀಳಿಗೆಗೆ ನೈತಿಕ ಮಾದರಿಯಾಗುತ್ತವೆ.

ಸಮುದಾಯ ಸಭೆಗಳಲ್ಲಿ ಶಾಂತಿ ಮತ್ತು ಸಮನ್ವಯಕ್ಕೆ ಉತ್ತೇಜನ ನೀಡುವುದು ಗ್ರಾಮಸಭೆ, ಅಪಾರ್ಟ್‌ಮೆಂಟ್ ಅಸೋಸಿಯೇಷನ್ ಸಭೆ ಅಥವಾ ನಗರ ಸಮುದಾಯ ಕಾರ್ಯಕ್ರಮಗಳಲ್ಲಿ ಹಿರಿಯರು ಶಾಂತಿಯುತ ಸಂವಾದದ ಪರ ನಿಲುವು ತಾಳಿದಾಗ, ಅದು ಬಂದುತ್ವದ ಸಾರ್ವಜನಿಕ ಅಭಿವ್ಯಕ್ತಿ ಆಗುತ್ತದೆ. ಊರಿನಲ್ಲಿ ದೇವಸ್ಥಾನ ಅಥ ವಾ ಮಸೀದಿ ಸಂಬಂಧಿತ ವಿವಾದದಲ್ಲಿ ಭಿನ್ನಾಭಿಪ್ರಾಯ ಉಂಟಾದಾಗ, ಹಿರಿಯರು ಎರಡೂ ಪಾಳಯಗಳನ್ನು ಕೂಡಿ ಮಾತನಾಡುವಂತೆ ಪ್ರೇರೇಪಿಸುವುದು. ಸಮುದಾಯದಲ್ಲಿ ನೀರು, ರಸ್ತೆ ಅಥವಾ ಸಾರ್ವಜನಿಕ ಸೌಲಭ್ಯಗಳ ವಿಚಾರದಲ್ಲಿ ಉಂಟಾಗುವ ಗಲಾಟೆಗಳನ್ನು ಶಾಂತಿಯುತ ಚರ್ಚೆಯ ಮೂಲಕ ಪರಿಹರಿಸುವ ಸಲಹೆ ನೀಡುವುದು. ಇವು ಸಮುದಾಯದಲ್ಲಿ ಪರಸ್ಪರ ನಂಬಿಕೆಯನ್ನು ಹೆಚ್ಚಿಸುತ್ತವೆ. ಹಿರಿಯರ ಜವಾಬ್ದಾರಿಯುತ ಮತ್ತು ಸಮಾಧಾನಪೂರ್ಣ ನಡೆ ಸಮಾಜದಲ್ಲಿ ಶಾಂತಿ, ಒಗ್ಗಟ್ಟು ಮತ್ತು ಪ್ರಜಾಪ್ರಭುತ್ವದ ಮೌಲ್ಯಗಳನ್ನು ಬಲಪಡಿಸುವಲ್ಲಿ ಮಹತ್ವದ ಪಾತ್ರ ವಹಿಸುತ್ತದೆ.

ಭಿನ್ನ ವೃತ್ತಿಗಳಲ್ಲಿ ಇರುವ ವ್ಯಕ್ತಿಗಳು ತಮ್ಮ ಕೆಲಸದ ಭಾಗವಾಗಿ ಬಂದುತ್ವವನ್ನು ಗಟ್ಟಿಗೊಳಿಸುವ ಪ್ರಕ್ರಿಯೆಗಳನ್ನು ರೂಪಿಸಬಹುದು. ಉದಾಹರಣೆಗೆ ಶಿಕ್ಷಕರು: ಭಿನ್ನತೆಯ ಗೌರವವನ್ನು ಪಾಠಗಳಲ್ಲಿ ಸೇರಿಸುವುದು ಶಿಕ್ಷಕರು ಸಮಾಜದ ಭವಿಷ್ಯವನ್ನು ರೂಪಿಸುವವರು. ಅವರ ಪಾಠಶಾಲೆ ಕೇವಲ ಜ್ಞಾನ ನೀಡುವ ಸ್ಥಳವಲ್ಲ; ಅದು ಮೌಲ್ಯಗಳನ್ನು ಬೆಳೆಸುವ ವೇದಿಕೆ. ಪಾಠಗಳಲ್ಲಿ ವಿವಿಧ ಸಮುದಾಯಗಳ ಇತಿಹಾಸ, ಸಂಸ್ಕೃತಿ ಮತ್ತು ಸಾಧನೆಗಳನ್ನು ಒಳಗೊಂಡ ಉದಾಹರಣೆಗಳನ್ನು ನೀಡುವುದು. ತರಗತಿಯಲ್ಲಿ ಎಲ್ಲ ವಿದ್ಯಾರ್ಥಿಗಳಿಗೆ ಸಮಾನ ಅವಕಾಶ ನೀಡುವುದು; ನಿರ್ದಿಷ್ಟ ಜಾತಿ ಅಥವಾ ಆರ್ಥಿಕ ಹಿನ್ನೆಲೆಯ ಮಕ್ಕಳನ್ನು ಪ್ರತ್ಯೇಕವಾಗಿ ನೋಡದೆ ಸಮಾನವಾಗಿ ವರ್ತಿಸುವುದು. ಶಾಲಾ ಕಾರ್ಯಕ್ರಮಗಳಲ್ಲಿ ಎಲ್ಲ ಹಬ್ಬಗಳನ್ನು ಸಾಂಸ್ಕೃತಿಕ ಹಬ್ಬಗಳಾಗಿ ಪರಿಚಯಿಸುವುದು. ಇಂತಹ ಕ್ರಮಗಳು ಮಕ್ಕಳಲ್ಲಿ ಬಾಲ್ಯದಿಂದಲೇ ಬಂದುತ್ವದ ಮೌಲ್ಯಗಳನ್ನು ಬಿತ್ತುತ್ತವೆ.

ವೈದ್ಯರು: ರೋಗಿಯನ್ನು ಧರ್ಮ–ಜಾತಿ ಬೇಧವಿಲ್ಲದೆ ಚಿಕಿತ್ಸೆ ನೀಡುವುದು. ಆರೋಗ್ಯ ಕ್ಷೇತ್ರದಲ್ಲಿ ಮಾನವೀಯತೆ ಮುಖ್ಯ. ವೈದ್ಯರು ರೋಗಿಯನ್ನು ಕೇವಲ ರೋಗಿಯನ್ನಾಗಿ ನೋಡುವುದು ಬಂದುತ್ವದ ಅತ್ಯುನ್ನತ ಅಭಿವ್ಯಕ್ತಿ. ಆಸ್ಪತ್ರೆಯಲ್ಲಿ ಬಂದ ರೋಗಿಗೆ ಅವರ ಧರ್ಮ ಅಥವಾ ಜಾತಿ ವಿಚಾರಿಸದೆ ತಕ್ಷಣ ಚಿಕಿತ್ಸೆ ನೀಡುವುದು. ಆರ್ಥಿಕವಾಗಿ ದುರ್ಬಲ ರೋಗಿಗಳಿಗೆ ರಿಯಾಯಿತಿ ಅಥವಾ ಉಚಿತ ಚಿಕಿತ್ಸೆ ನೀಡುವುದು. ರೋಗಿಯ ಭಾಷೆಯನ್ನು ಅರ್ಥ–ಮಾಡಿಕೊಳ್ಳಲು ಅನುವಾದ ಸಹಾಯವನ್ನು ಬಳಸುವುದು. ಹೀಗಾಗಿ ಮಾನಸಿಕ ಆತ್ಮಸ್ಥೈರ್ಯ ದೊರಕುತ್ತದೆ. ರೋಗಿಯ ಪರಿಸ್ಥಿತಿ ಬಗ್ಗೆ ಅವರ ಕುಟುಂಬದವರ ಬಗ್ಗೆ ಸಮಾಧಾನವಾಗಿ ವಿವ–ರಿಸುವುದು ಇವು ವೈದ್ಯಕೀಯ ಕ್ಷೇತ್ರದಲ್ಲಿ ಮಾನವೀಯ ಬಾಂಧವ್ಯವನ್ನು ಗಾಢಗೊಳಿಸುತ್ತವೆ.

ಪತ್ರಕರ್ತರು: ಜವಾಬ್ದಾರಿಯುತ ಸುದ್ದಿಗಳನ್ನು ಪ್ರಕಟಿಸುವುದು. ಪತ್ರಕರ್ತರು ಸಾರ್ವಜನಿಕ ಅಭಿಪ್ರಾಯವನ್ನು ರೂಪಿಸುವ ಪ್ರಮುಖ ಶಕ್ತಿ. ಅವರ ವರದಿ ಮಾಡುವ ಶೈಲಿ ಸಮಾಜದಲ್ಲಿ ಶಾಂತಿ ಅಥವಾ ಸಂಘರ್ಷವನ್ನು ಹುಟ್ಟುಹಾಕಬಹುದು. ಒಂದು ಘಟನೆಗೆ ಸಂಬಂಧಿಸಿ ವರದಿಯಲ್ಲಿ ಜಾತಿ ಅಥವಾ ಧರ್ಮವನ್ನು ಅನಗತ್ಯವಾಗಿ ಉಲ್ಲೇಖಿಸದೆ ಸತ್ಯಾಂಶವನ್ನು ವರದಿ ಮಾಡುವುದು. ದ್ವೇಷ ಪ್ರಚೋದಿಸುವ ಹೇಳಿಕೆಗಳನ್ನು ಪ್ರಚಾರ ಮಾಡದೆ, ಅದರ ವಿರುದ್ಧ ನೈತಿಕ ನಿಲುವು ತಾಳುವುದು. ಸಮಾಜದಲ್ಲಿ ಒಗ್ಗಟ್ಟಿನ ಉದಾಹರಣೆಗಳನ್ನು ಹೈಲೈಟ್ ಮಾಡುವ ವಿಶೇಷ ಲೇಖನಗಳನ್ನು ಪ್ರಕಟಿಸುವುದು. ತಪ್ಪು ಸುದ್ದಿಗಳನ್ನು ಪರಿಶೀಲಿಸಿ ಸರಿಪಡಿಸುವುದು. ಇವು ಮಾಧ್ಯಮ ಕ್ಷೇತ್ರದಲ್ಲಿ ಬಂದುತ್ವದ ನೈತಿಕ ಜವಾಬ್ದಾರಿಯನ್ನು ಪ್ರತಿಬಿಂಬಿಸುತ್ತವೆ.

ಶಿಕ್ಷಕರು ಜ್ಞಾನ ಮೂಲಕ, ವೈದ್ಯರು ಸೇವಾ ಮನೋಭಾವದ ಮೂಲಕ, ಪತ್ರಕರ್ತರು ಜವಾಬ್ದಾರಿಯುತ ವರದಿಗಳ ಮೂಲಕ ಮತ್ತು ಸರ್ಕಾರಿ ಅಧಿಕಾರಿಗಳು ಸಮಾನ ಸೇವೆಯ ಮೂಲಕ–ಸಮಾಜದಲ್ಲಿ ಪರಸ್ಪರ ಗೌರವ ಮತ್ತು ನಂಬಿಕೆಯನ್ನು ಬಲಪಡಿಸಬಹುದು.

ಹೀಗಾಗಿ, ವೃತ್ತಿಪರ ಜೀವನದಲ್ಲಿನ ಬಂದುತ್ವವು ಪ್ರಜಾಪ್ರಭುತ್ವದ ಸಾಮಾಜಿಕ ನೆಲೆಯನ್ನು ಗಟ್ಟಿಗೊಳಿಸುವ ಪ್ರಮುಖ ಅಂಶವಾಗಿದೆ.
